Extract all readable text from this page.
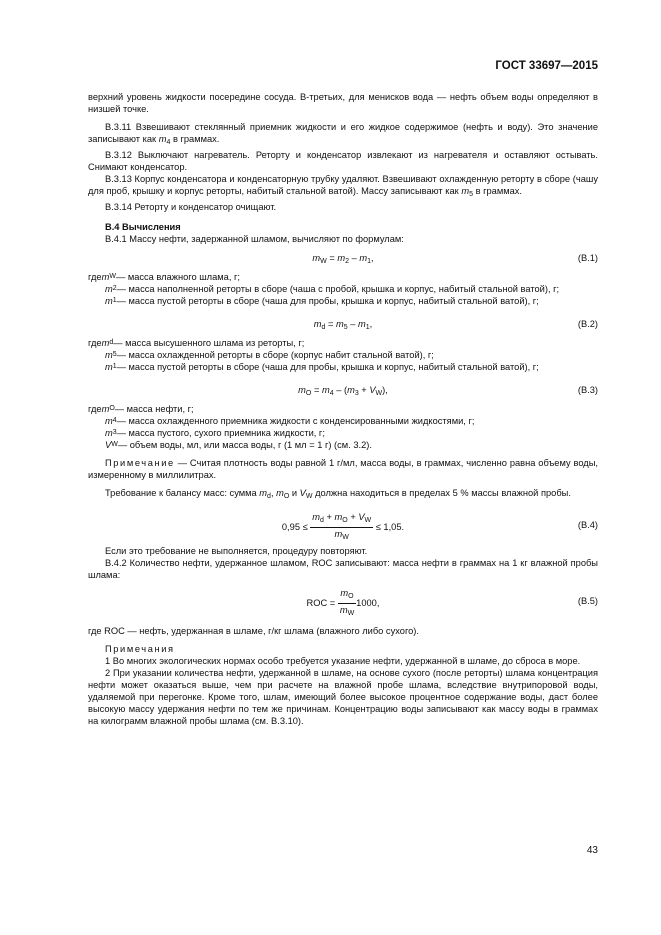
ГОСТ 33697—2015

верхний уровень жидкости посередине сосуда. В-третьих, для менисков вода — нефть объем воды определяют в низшей точке.

В.3.11 Взвешивают стеклянный приемник жидкости и его жидкое содержимое (нефть и воду). Это значение записывают как $m_4$ в граммах.

В.3.12 Выключают нагреватель. Реторту и конденсатор извлекают из нагревателя и оставляют остывать. Снимают конденсатор.

В.3.13 Корпус конденсатора и конденсаторную трубку удаляют. Взвешивают охлажденную реторту в сборе (чашу для проб, крышку и корпус реторты, набитый стальной ватой). Массу записывают как $m_5$ в граммах.

В.3.14 Реторту и конденсатор очищают.

В.4 Вычисления

В.4.1 Массу нефти, задержанной шламом, вычисляют по формулам:

$m_W = m_2 - m_1$,	(В.1)
где m W — масса влажного шлама, г;
m 2 — масса наполненной реторты в сборе (чаша с пробой, крышка и корпус, набитый стальной ватой), г;
m 1 — масса пустой реторты в сборе (чаша для пробы, крышка и корпус, набитый стальной ватой), г;
$m_d = m_5 - m_1$,	(В.2)
где m d — масса высушенного шлама из реторты, г;
m 5 — масса охлажденной реторты в сборе (корпус набит стальной ватой), г;
m 1 — масса пустой реторты в сборе (чаша для пробы, крышка и корпус, набитый стальной ватой), г;
$m_O = m_4 - (m_3 + V_W)$,	(В.3)
где m O — масса нефти, г;
m 4 — масса охлажденного приемника жидкости с конденсированными жидкостями, г;
m 3 — масса пустого, сухого приемника жидкости, г;
V W — объем воды, мл, или масса воды, г (1 мл = 1 г) (см. 3.2).

Примечание — Считая плотность воды равной 1 г/мл, масса воды, в граммах, численно равна объему воды, измеренному в миллилитрах.

Требование к балансу масс: сумма $m_d$, $m_O$ и $V_W$ должна находиться в пределах 5 % массы влажной пробы.

$0,95 \le \frac{m_d + m_O + V_W}{m_W} \le 1,05$.	(В.4)

Если это требование не выполняется, процедуру повторяют.

В.4.2 Количество нефти, удержанное шламом, ROC записывают: масса нефти в граммах на 1 кг влажной пробы шлама:

ROC = $\frac{m_O}{m_W} 1000$,	(В.5)

где ROC — нефть, удержанная в шламе, г/кг шлама (влажного либо сухого).

Примечания

1 Во многих экологических нормах особо требуется указание нефти, удержанной в шламе, до сброса в море.

2 При указании количества нефти, удержанной в шламе, на основе сухого (после реторты) шлама концентрация нефти может оказаться выше, чем при расчете на влажной пробе шлама, вследствие внутрипоровой воды, удаляемой при перегонке. Кроме того, шлам, имеющий более высокое процентное содержание воды, даст более высокую массу удержания нефти по тем же причинам. Концентрацию воды записывают как массу воды в граммах на килограмм влажной пробы шлама (см. В.3.10).

43
